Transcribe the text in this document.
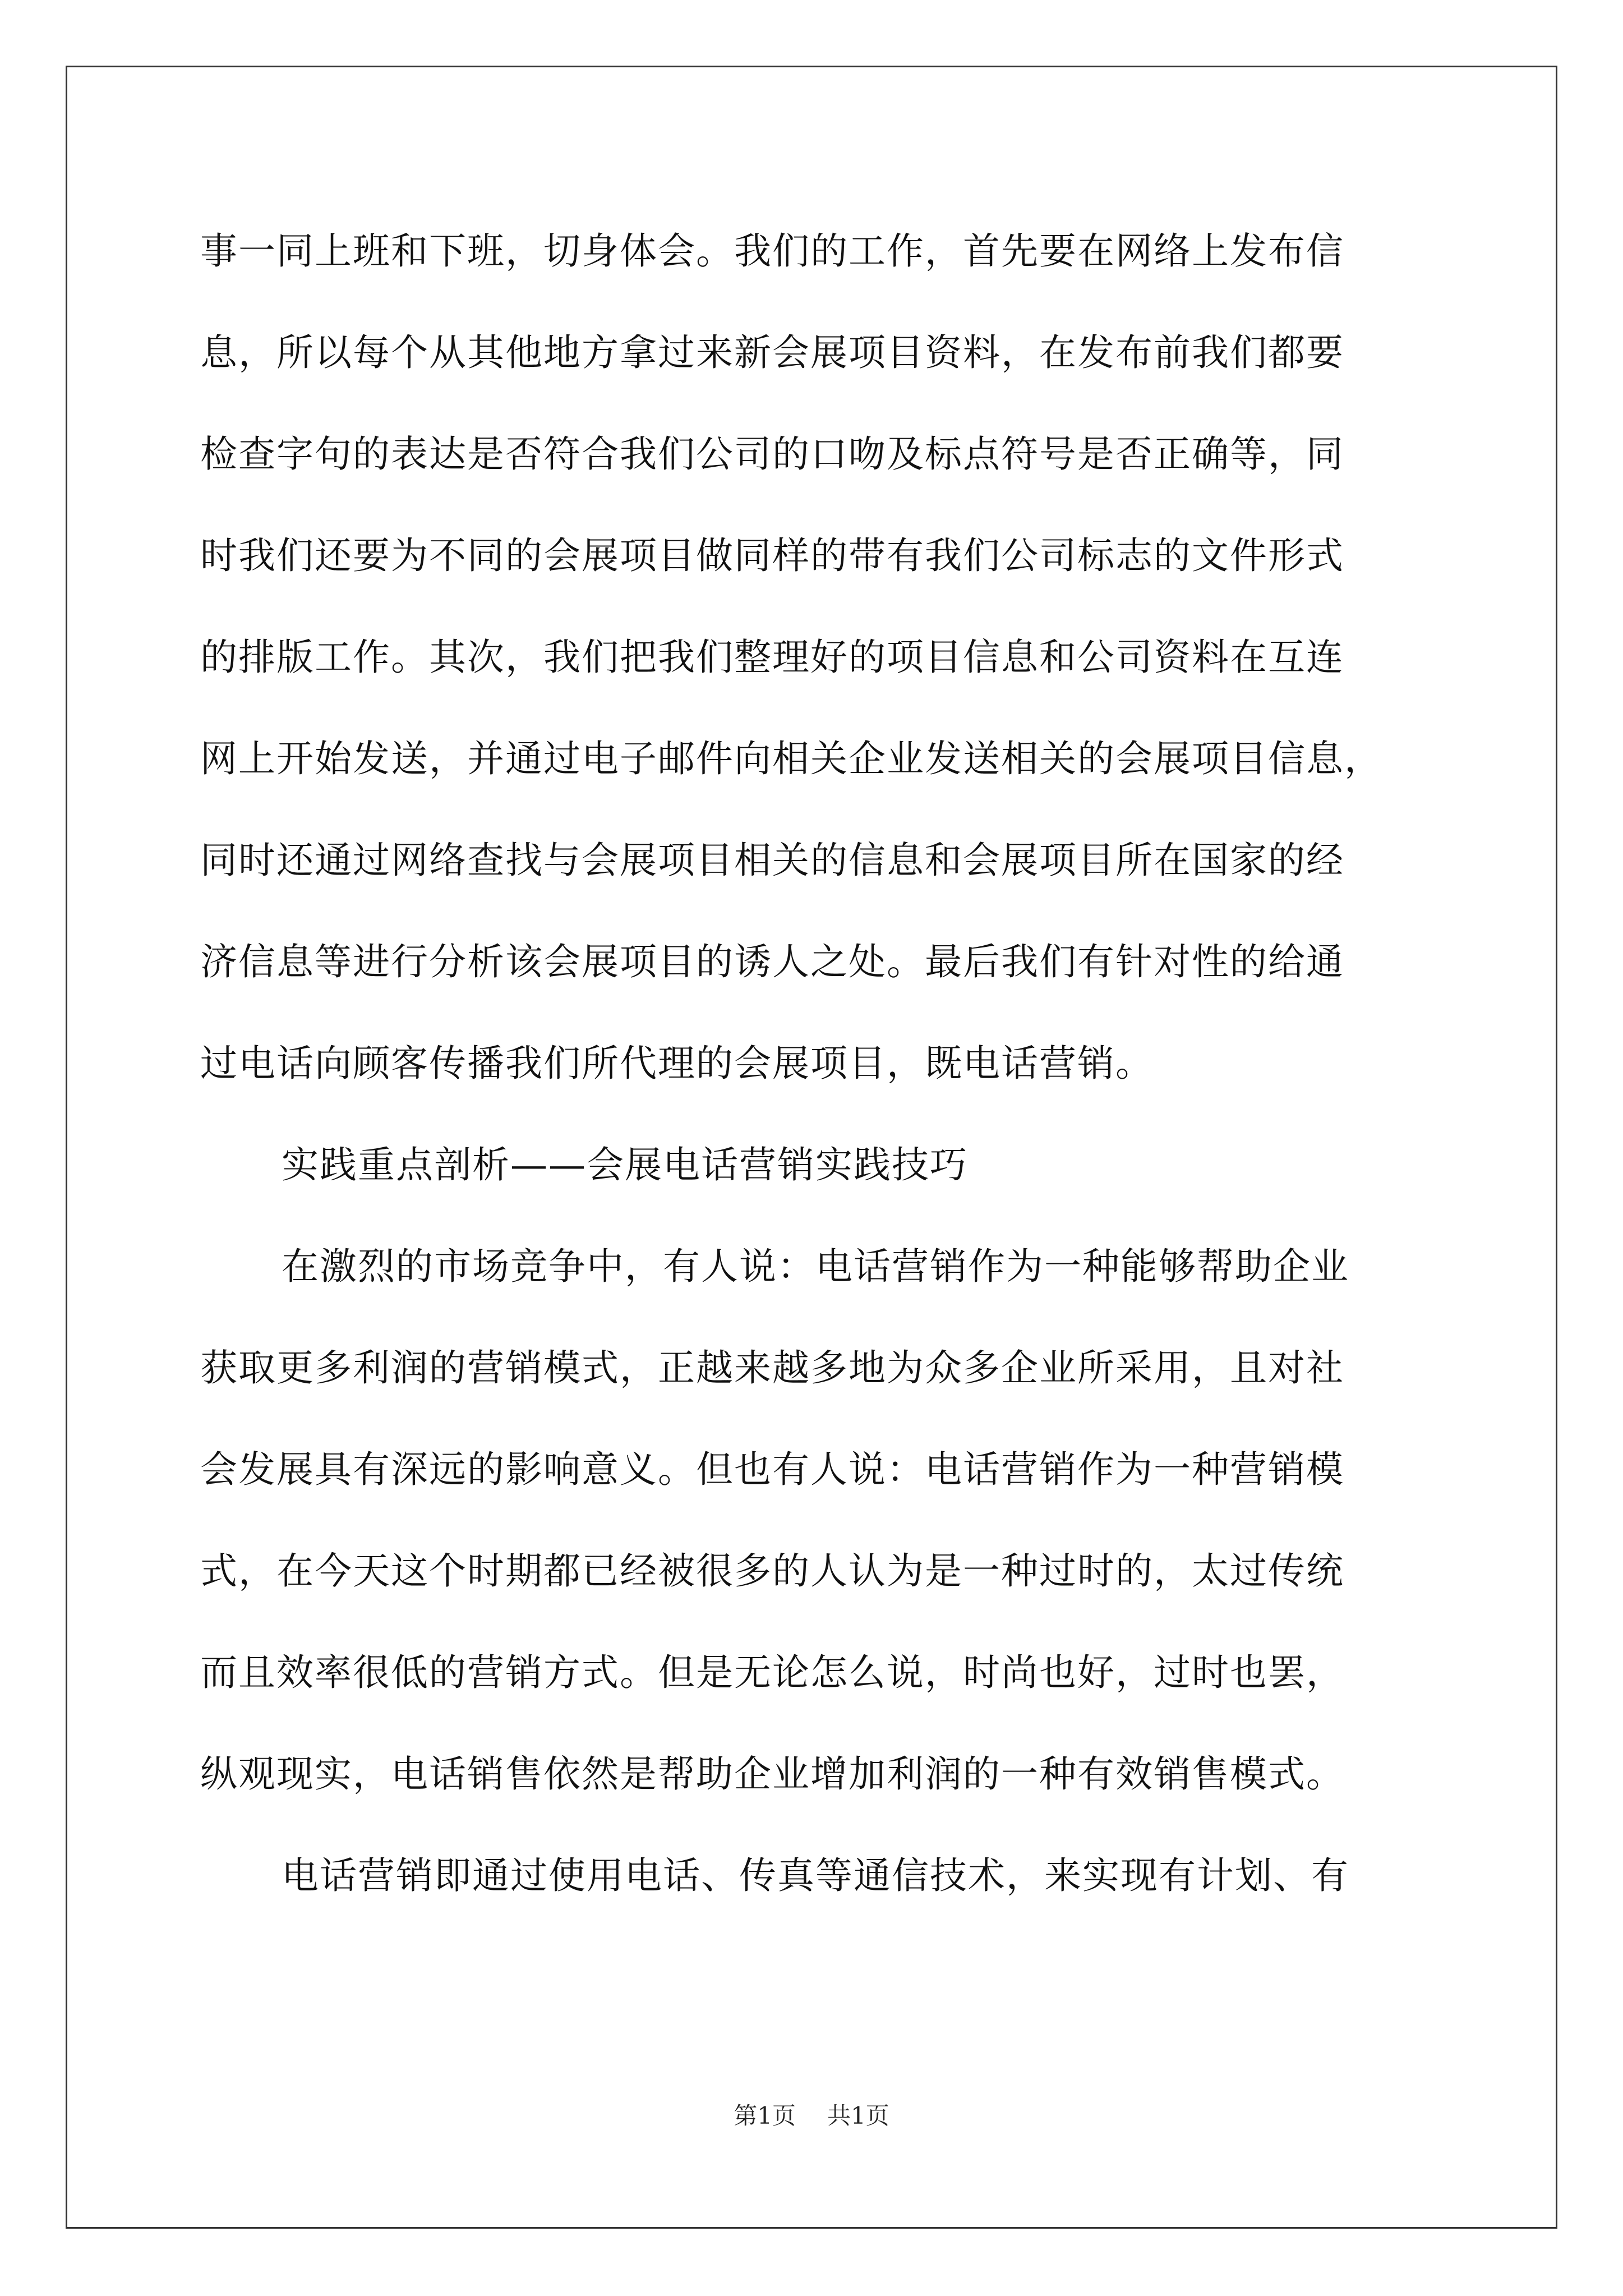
事一同上班和下班，切身体会。我们的工作，首先要在网络上发布信
息，所以每个从其他地方拿过来新会展项目资料，在发布前我们都要
检查字句的表达是否符合我们公司的口吻及标点符号是否正确等，同
时我们还要为不同的会展项目做同样的带有我们公司标志的文件形式
的排版工作。其次，我们把我们整理好的项目信息和公司资料在互连
网上开始发送，并通过电子邮件向相关企业发送相关的会展项目信息，
同时还通过网络查找与会展项目相关的信息和会展项目所在国家的经
济信息等进行分析该会展项目的诱人之处。最后我们有针对性的给通
过电话向顾客传播我们所代理的会展项目，既电话营销。
实践重点剖析——会展电话营销实践技巧
在激烈的市场竞争中，有人说：电话营销作为一种能够帮助企业
获取更多利润的营销模式，正越来越多地为众多企业所采用，且对社
会发展具有深远的影响意义。但也有人说：电话营销作为一种营销模
式，在今天这个时期都已经被很多的人认为是一种过时的，太过传统
而且效率很低的营销方式。但是无论怎么说，时尚也好，过时也罢，
纵观现实，电话销售依然是帮助企业增加利润的一种有效销售模式。
电话营销即通过使用电话、传真等通信技术，来实现有计划、有
第1页 共1页
